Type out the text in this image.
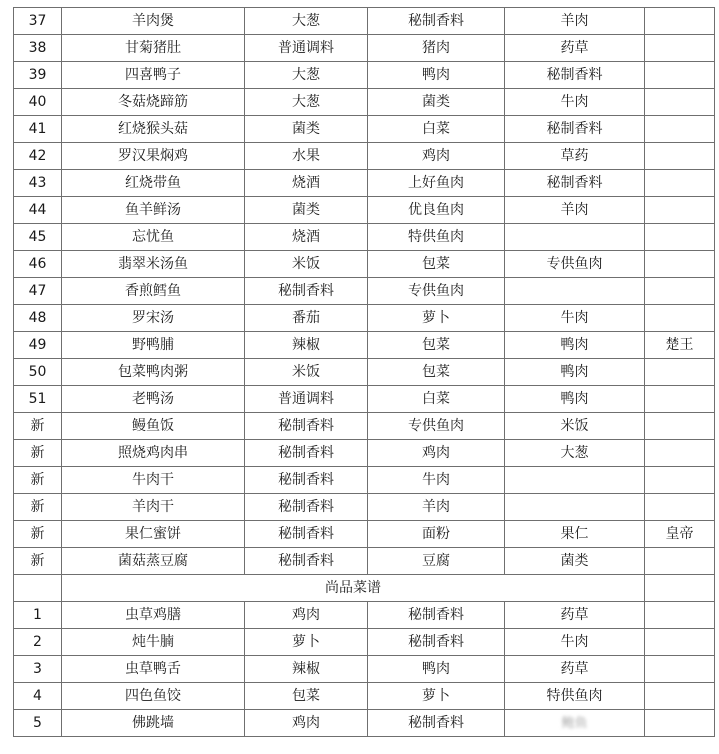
37	羊肉煲	大葱	秘制香料	羊肉	
38	甘菊猪肚	普通调料	猪肉	药草	
39	四喜鸭子	大葱	鸭肉	秘制香料	
40	冬菇烧蹄筋	大葱	菌类	牛肉	
41	红烧猴头菇	菌类	白菜	秘制香料	
42	罗汉果焖鸡	水果	鸡肉	草药	
43	红烧带鱼	烧酒	上好鱼肉	秘制香料	
44	鱼羊鲜汤	菌类	优良鱼肉	羊肉	
45	忘忧鱼	烧酒	特供鱼肉		
46	翡翠米汤鱼	米饭	包菜	专供鱼肉	
47	香煎鳕鱼	秘制香料	专供鱼肉		
48	罗宋汤	番茄	萝卜	牛肉	
49	野鸭脯	辣椒	包菜	鸭肉	楚王
50	包菜鸭肉粥	米饭	包菜	鸭肉	
51	老鸭汤	普通调料	白菜	鸭肉	
新	鳗鱼饭	秘制香料	专供鱼肉	米饭	
新	照烧鸡肉串	秘制香料	鸡肉	大葱	
新	牛肉干	秘制香料	牛肉		
新	羊肉干	秘制香料	羊肉		
新	果仁蜜饼	秘制香料	面粉	果仁	皇帝
新	菌菇蒸豆腐	秘制香料	豆腐	菌类	
	尚品菜谱				
1	虫草鸡膳	鸡肉	秘制香料	药草	
2	炖牛腩	萝卜	秘制香料	牛肉	
3	虫草鸭舌	辣椒	鸭肉	药草	
4	四色鱼饺	包菜	萝卜	特供鱼肉	
5	佛跳墙	鸡肉	秘制香料	鲍鱼	
